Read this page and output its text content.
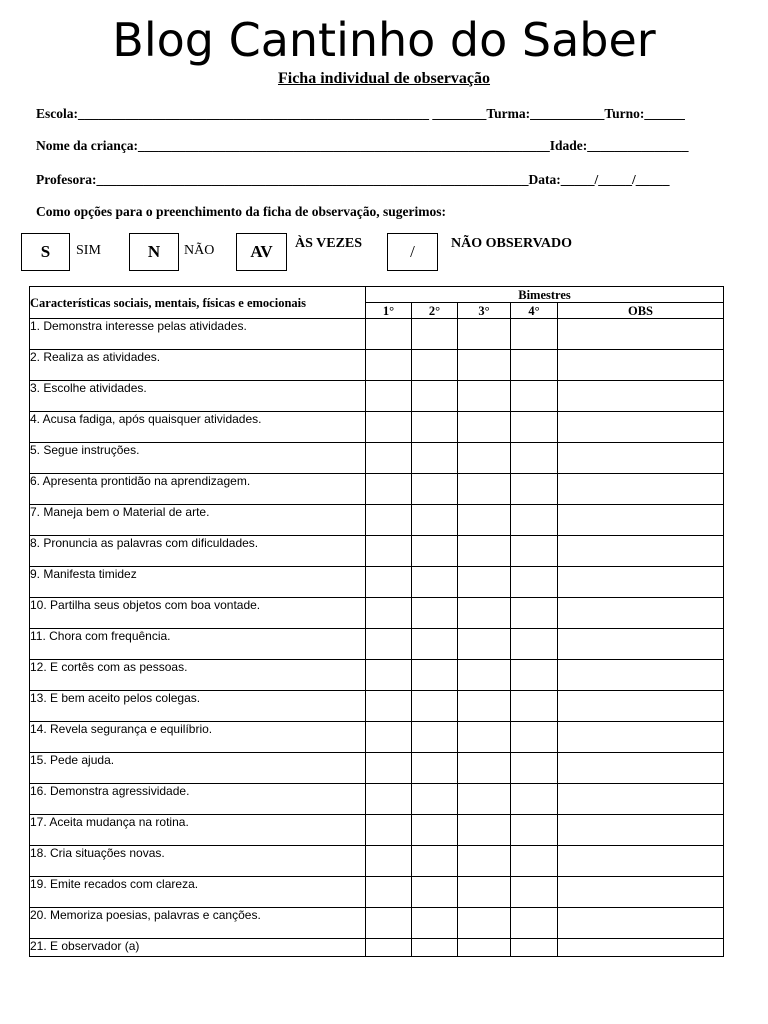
Blog Cantinho do Saber
Ficha individual de observação
Escola:____________________________________________________ ________Turma:___________Turno:______
Nome da criança:_____________________________________________________________Idade:_______________
Profesora:________________________________________________________________Data:_____/_____/_____
Como opções para o preenchimento da ficha de observação, sugerimos:
S	SIM	N	NÃO	AV	ÀS VEZES	/	NÃO OBSERVADO
Características sociais, mentais, físicas e emocionais	Bimestres				
	1°	2°	3°	4°	OBS
1. Demonstra interesse pelas atividades.					
2. Realiza as atividades.					
3. Escolhe atividades.					
4. Acusa fadiga, após quaisquer atividades.					
5. Segue instruções.					
6. Apresenta prontidão na aprendizagem.					
7. Maneja bem o Material de arte.					
8. Pronuncia as palavras com dificuldades.					
9. Manifesta timidez					
10. Partilha seus objetos com boa vontade.					
11. Chora com frequência.					
12. E cortês com as pessoas.					
13. E bem aceito pelos colegas.					
14. Revela segurança e equilíbrio.					
15. Pede ajuda.					
16. Demonstra agressividade.					
17. Aceita mudança na rotina.					
18. Cria situações novas.					
19. Emite recados com clareza.					
20. Memoriza poesias, palavras e canções.					
21. E observador (a)					
